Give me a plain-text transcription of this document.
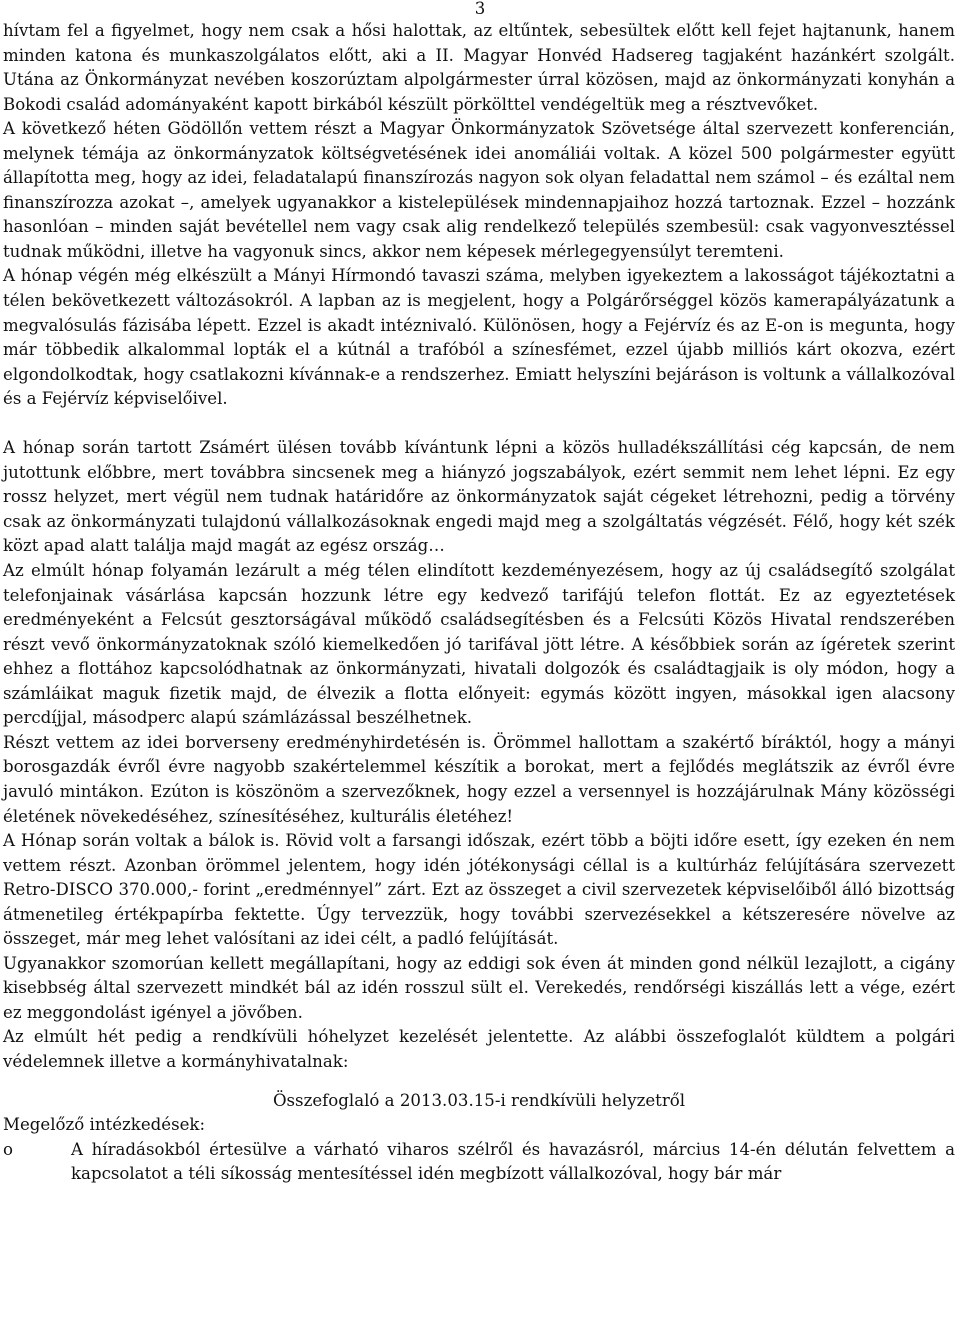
3

hívtam fel a figyelmet, hogy nem csak a hősi halottak, az eltűntek, sebesültek előtt kell fejet hajtanunk, hanem minden katona és munkaszolgálatos előtt, aki a II. Magyar Honvéd Hadsereg tagjaként hazánkért szolgált. Utána az Önkormányzat nevében koszorúztam alpolgármester úrral közösen, majd az önkormányzati konyhán a Bokodi család adományaként kapott birkából készült pörkölttel vendégeltük meg a résztvevőket.

A következő héten Gödöllőn vettem részt a Magyar Önkormányzatok Szövetsége által szervezett konferencián, melynek témája az önkormányzatok költségvetésének idei anomáliái voltak. A közel 500 polgármester együtt állapította meg, hogy az idei, feladatalapú finanszírozás nagyon sok olyan feladattal nem számol – és ezáltal nem finanszírozza azokat –, amelyek ugyanakkor a kistelepülések mindennapjaihoz hozzá tartoznak. Ezzel – hozzánk hasonlóan – minden saját bevétellel nem vagy csak alig rendelkező település szembesül: csak vagyonvesztéssel tudnak működni, illetve ha vagyonuk sincs, akkor nem képesek mérlegegyensúlyt teremteni.

A hónap végén még elkészült a Mányi Hírmondó tavaszi száma, melyben igyekeztem a lakosságot tájékoztatni a télen bekövetkezett változásokról. A lapban az is megjelent, hogy a Polgárőrséggel közös kamerapályázatunk a megvalósulás fázisába lépett. Ezzel is akadt intéznivaló. Különösen, hogy a Fejérvíz és az E-on is megunta, hogy már többedik alkalommal lopták el a kútnál a trafóból a színesfémet, ezzel újabb milliós kárt okozva, ezért elgondolkodtak, hogy csatlakozni kívánnak-e a rendszerhez. Emiatt helyszíni bejáráson is voltunk a vállalkozóval és a Fejérvíz képviselőivel.

A hónap során tartott Zsámért ülésen tovább kívántunk lépni a közös hulladékszállítási cég kapcsán, de nem jutottunk előbbre, mert továbbra sincsenek meg a hiányzó jogszabályok, ezért semmit nem lehet lépni. Ez egy rossz helyzet, mert végül nem tudnak határidőre az önkormányzatok saját cégeket létrehozni, pedig a törvény csak az önkormányzati tulajdonú vállalkozásoknak engedi majd meg a szolgáltatás végzését. Félő, hogy két szék közt apad alatt találja majd magát az egész ország…

Az elmúlt hónap folyamán lezárult a még télen elindított kezdeményezésem, hogy az új családsegítő szolgálat telefonjainak vásárlása kapcsán hozzunk létre egy kedvező tarifájú telefon flottát. Ez az egyeztetések eredményeként a Felcsút gesztorságával működő családsegítésben és a Felcsúti Közös Hivatal rendszerében részt vevő önkormányzatoknak szóló kiemelkedően jó tarifával jött létre. A későbbiek során az ígéretek szerint ehhez a flottához kapcsolódhatnak az önkormányzati, hivatali dolgozók és családtagjaik is oly módon, hogy a számláikat maguk fizetik majd, de élvezik a flotta előnyeit: egymás között ingyen, másokkal igen alacsony percdíjjal, másodperc alapú számlázással beszélhetnek.

Részt vettem az idei borverseny eredményhirdetésén is. Örömmel hallottam a szakértő bíráktól, hogy a mányi borosgazdák évről évre nagyobb szakértelemmel készítik a borokat, mert a fejlődés meglátszik az évről évre javuló mintákon. Ezúton is köszönöm a szervezőknek, hogy ezzel a versennyel is hozzájárulnak Mány közösségi életének növekedéséhez, színesítéséhez, kulturális életéhez!

A Hónap során voltak a bálok is. Rövid volt a farsangi időszak, ezért több a böjti időre esett, így ezeken én nem vettem részt. Azonban örömmel jelentem, hogy idén jótékonysági céllal is a kultúrház felújítására szervezett Retro-DISCO 370.000,- forint „eredménnyel” zárt. Ezt az összeget a civil szervezetek képviselőiből álló bizottság átmenetileg értékpapírba fektette. Úgy tervezzük, hogy további szervezésekkel a kétszeresére növelve az összeget, már meg lehet valósítani az idei célt, a padló felújítását.

Ugyanakkor szomorúan kellett megállapítani, hogy az eddigi sok éven át minden gond nélkül lezajlott, a cigány kisebbség által szervezett mindkét bál az idén rosszul sült el. Verekedés, rendőrségi kiszállás lett a vége, ezért ez meggondolást igényel a jövőben.

Az elmúlt hét pedig a rendkívüli hóhelyzet kezelését jelentette. Az alábbi összefoglalót küldtem a polgári védelemnek illetve a kormányhivatalnak:

Összefoglaló a 2013.03.15-i rendkívüli helyzetről

Megelőző intézkedések:

o	A híradásokból értesülve a várható viharos szélről és havazásról, március 14-én délután felvettem a kapcsolatot a téli síkosság mentesítéssel idén megbízott vállalkozóval, hogy bár már
